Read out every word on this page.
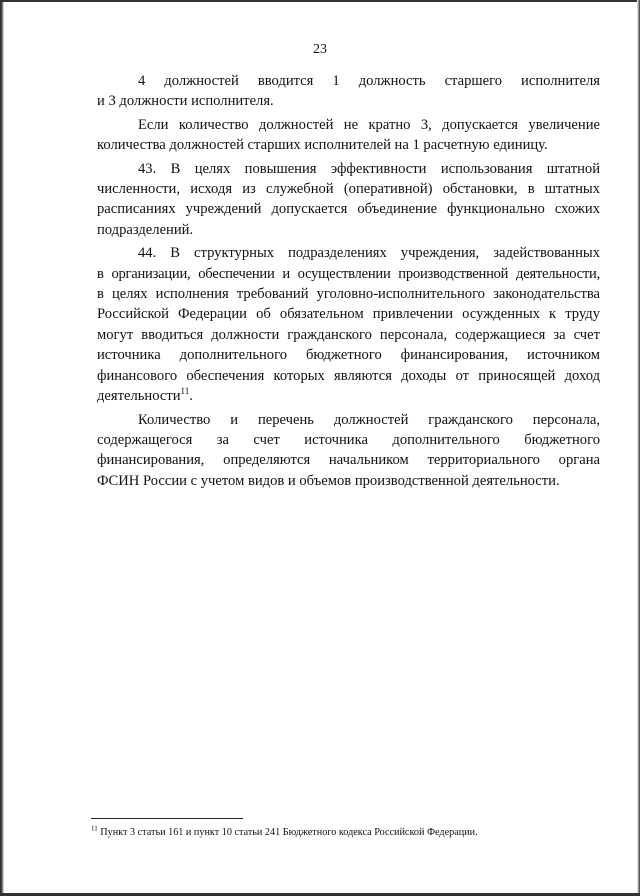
23

4 должностей вводится 1 должность старшего исполнителя
и 3 должности исполнителя.

Если количество должностей не кратно 3, допускается увеличение
количества должностей старших исполнителей на 1 расчетную единицу.

43. В целях повышения эффективности использования штатной
численности, исходя из служебной (оперативной) обстановки, в штатных
расписаниях учреждений допускается объединение функционально схожих
подразделений.

44. В структурных подразделениях учреждения, задействованных
в организации, обеспечении и осуществлении производственной деятельности,
в целях исполнения требований уголовно-исполнительного законодательства
Российской Федерации об обязательном привлечении осужденных к труду
могут вводиться должности гражданского персонала, содержащиеся за счет
источника дополнительного бюджетного финансирования, источником
финансового обеспечения которых являются доходы от приносящей доход
деятельности$^{11}$.

Количество и перечень должностей гражданского персонала,
содержащегося за счет источника дополнительного бюджетного
финансирования, определяются начальником территориального органа
ФСИН России с учетом видов и объемов производственной деятельности.

$^{11}$ Пункт 3 статьи 161 и пункт 10 статьи 241 Бюджетного кодекса Российской Федерации.
